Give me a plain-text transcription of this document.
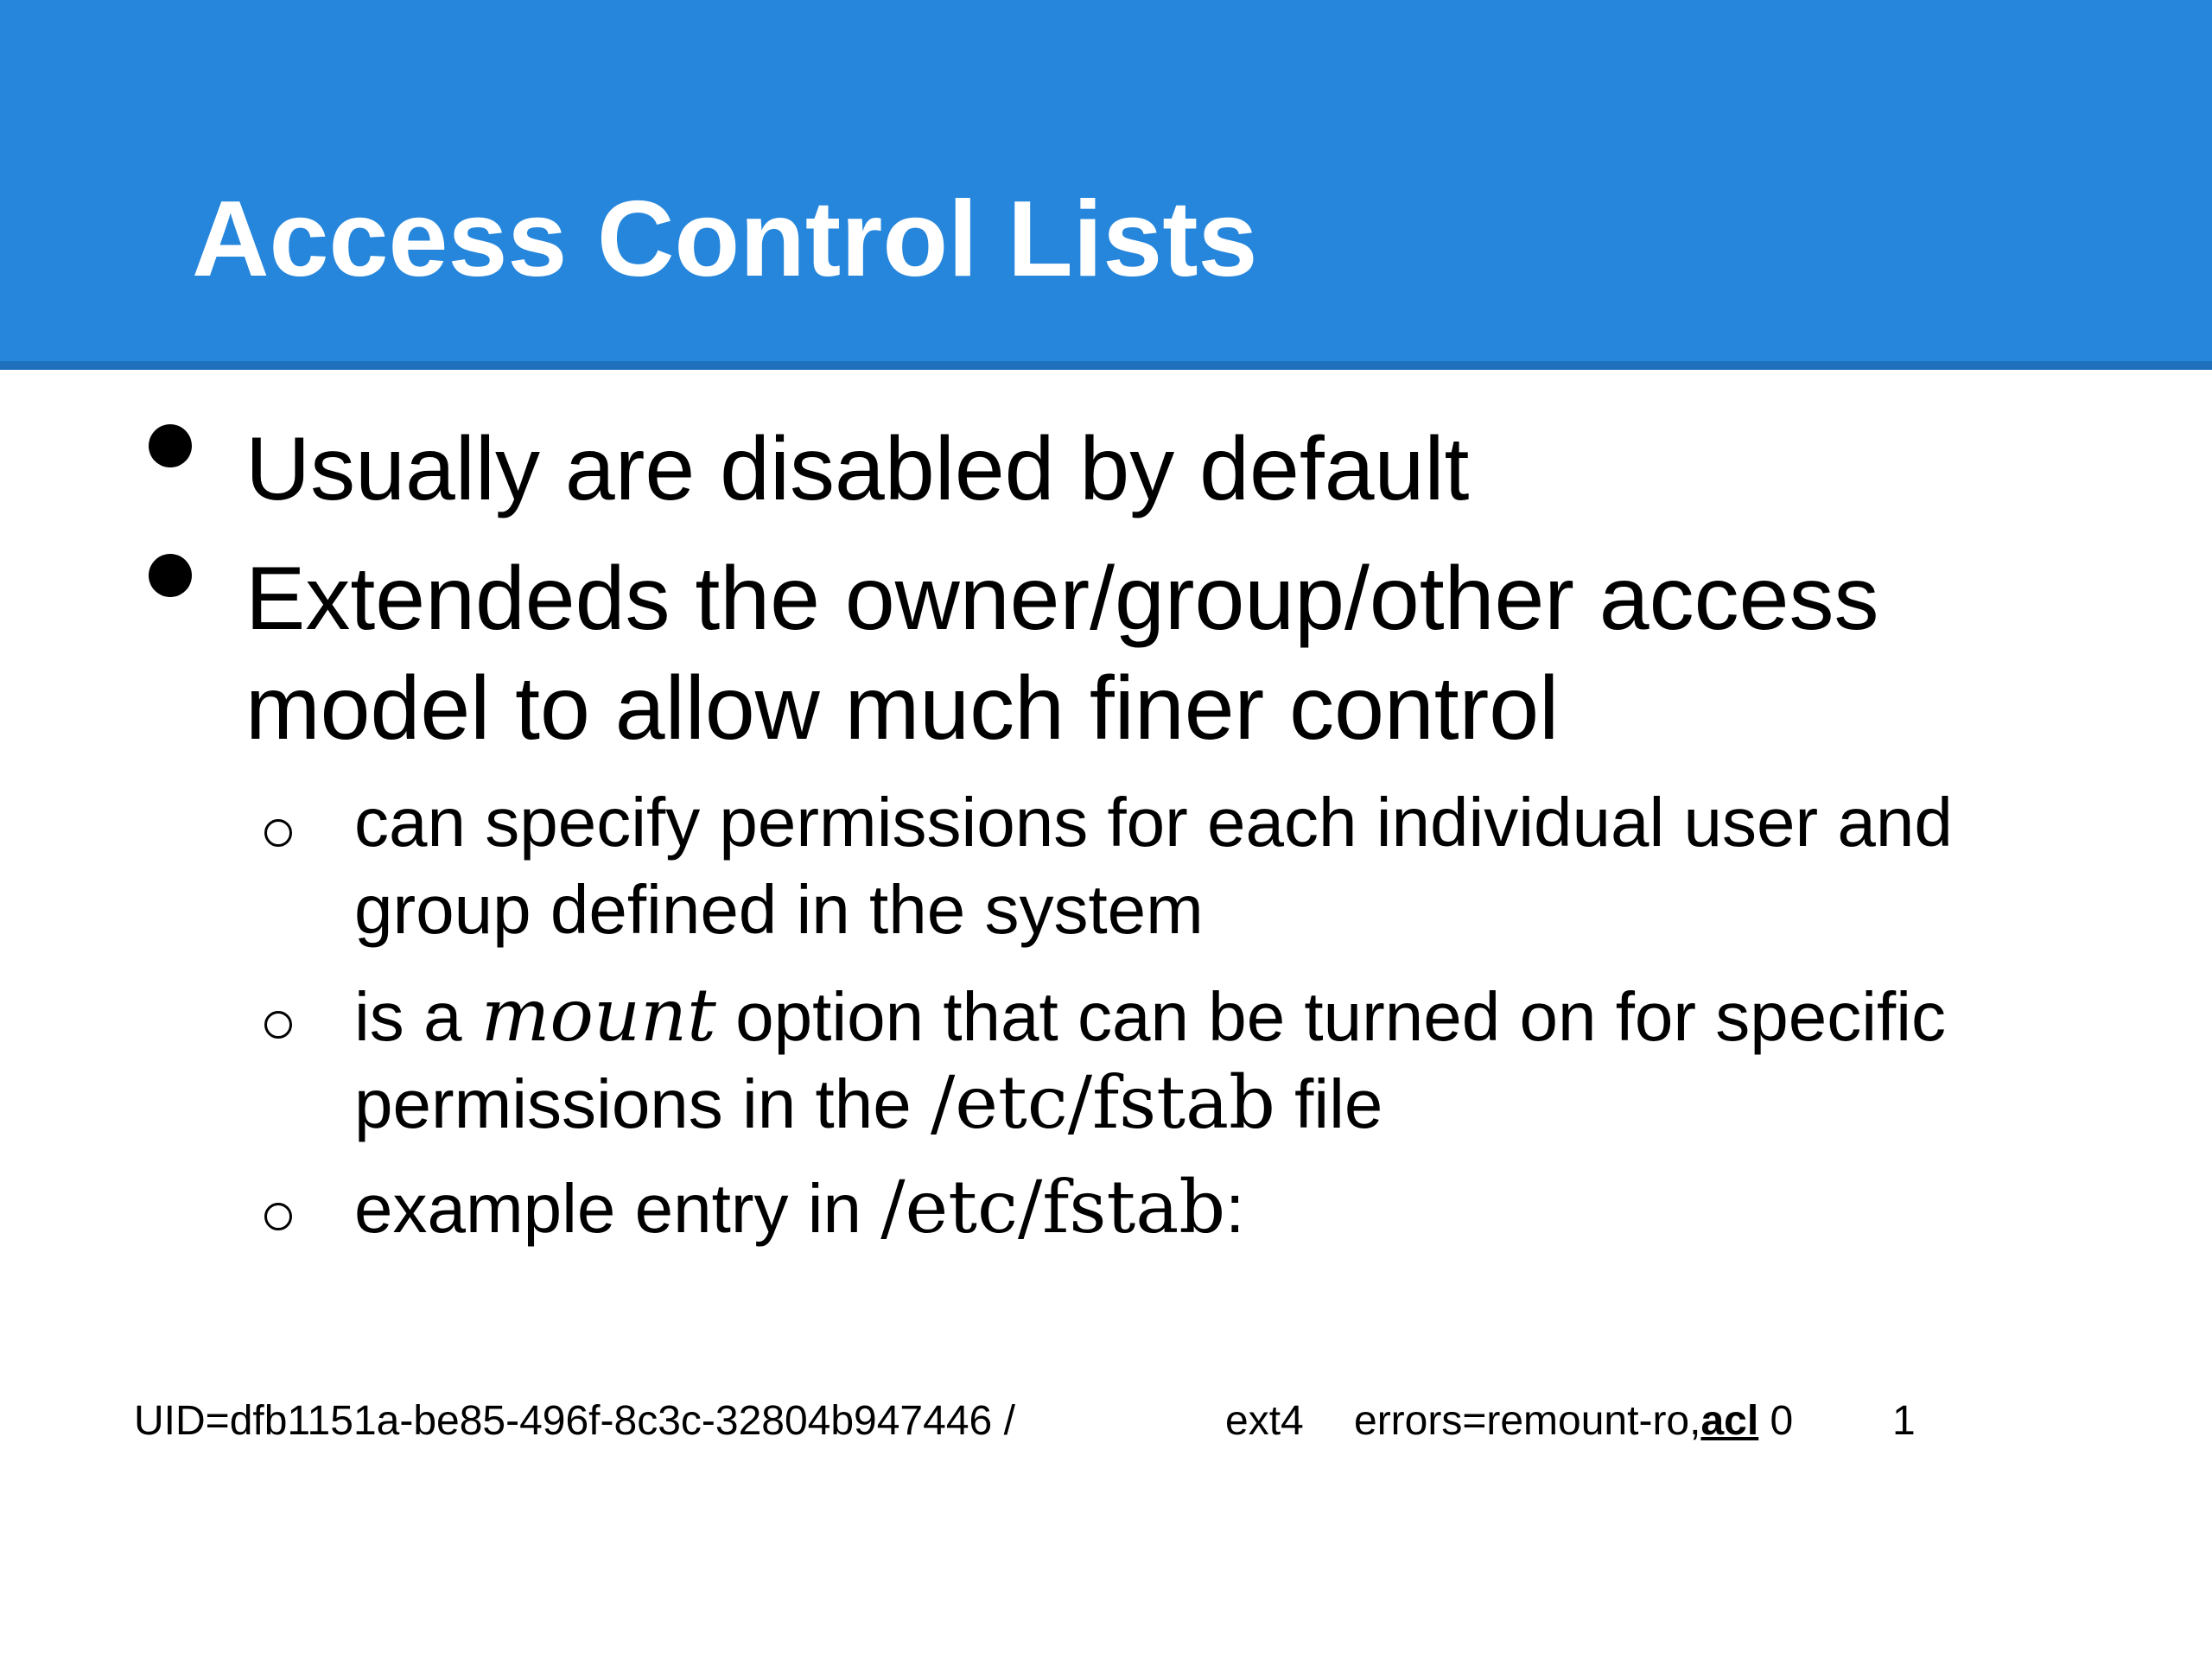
Access Control Lists

Usually are disabled by default

Extendeds the owner/group/other access

model to allow much finer control

can specify permissions for each individual user and

group defined in the system

is a mount option that can be turned on for specific

permissions in the /etc/fstab file

example entry in /etc/fstab:

UID=dfb1151a-be85-496f-8c3c-32804b947446 /	ext4 errors=remount-ro,acl 0 1
